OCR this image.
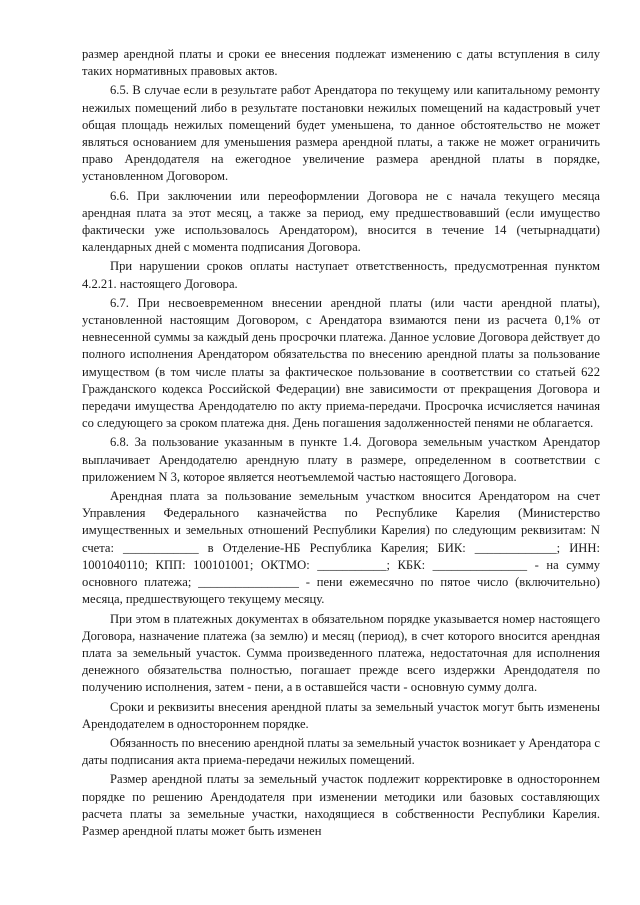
размер арендной платы и сроки ее внесения подлежат изменению с даты вступления в силу таких нормативных правовых актов.

6.5. В случае если в результате работ Арендатора по текущему или капитальному ремонту нежилых помещений либо в результате постановки нежилых помещений на кадастровый учет общая площадь нежилых помещений будет уменьшена, то данное обстоятельство не может являться основанием для уменьшения размера арендной платы, а также не может ограничить право Арендодателя на ежегодное увеличение размера арендной платы в порядке, установленном Договором.

6.6. При заключении или переоформлении Договора не с начала текущего месяца арендная плата за этот месяц, а также за период, ему предшествовавший (если имущество фактически уже использовалось Арендатором), вносится в течение 14 (четырнадцати) календарных дней с момента подписания Договора.

При нарушении сроков оплаты наступает ответственность, предусмотренная пунктом 4.2.21. настоящего Договора.

6.7. При несвоевременном внесении арендной платы (или части арендной платы), установленной настоящим Договором, с Арендатора взимаются пени из расчета 0,1% от невнесенной суммы за каждый день просрочки платежа. Данное условие Договора действует до полного исполнения Арендатором обязательства по внесению арендной платы за пользование имуществом (в том числе платы за фактическое пользование в соответствии со статьей 622 Гражданского кодекса Российской Федерации) вне зависимости от прекращения Договора и передачи имущества Арендодателю по акту приема-передачи. Просрочка исчисляется начиная со следующего за сроком платежа дня. День погашения задолженностей пенями не облагается.

6.8. За пользование указанным в пункте 1.4. Договора земельным участком Арендатор выплачивает Арендодателю арендную плату в размере, определенном в соответствии с приложением N 3, которое является неотъемлемой частью настоящего Договора.

Арендная плата за пользование земельным участком вносится Арендатором на счет Управления Федерального казначейства по Республике Карелия (Министерство имущественных и земельных отношений Республики Карелия) по следующим реквизитам: N счета: ____________ в Отделение-НБ Республика Карелия; БИК: _____________; ИНН: 1001040110; КПП: 100101001; ОКТМО: ___________; КБК: _______________ - на сумму основного платежа; ________________ - пени ежемесячно по пятое число (включительно) месяца, предшествующего текущему месяцу.

При этом в платежных документах в обязательном порядке указывается номер настоящего Договора, назначение платежа (за землю) и месяц (период), в счет которого вносится арендная плата за земельный участок. Сумма произведенного платежа, недостаточная для исполнения денежного обязательства полностью, погашает прежде всего издержки Арендодателя по получению исполнения, затем - пени, а в оставшейся части - основную сумму долга.

Сроки и реквизиты внесения арендной платы за земельный участок могут быть изменены Арендодателем в одностороннем порядке.

Обязанность по внесению арендной платы за земельный участок возникает у Арендатора с даты подписания акта приема-передачи нежилых помещений.

Размер арендной платы за земельный участок подлежит корректировке в одностороннем порядке по решению Арендодателя при изменении методики или базовых составляющих расчета платы за земельные участки, находящиеся в собственности Республики Карелия. Размер арендной платы может быть изменен
